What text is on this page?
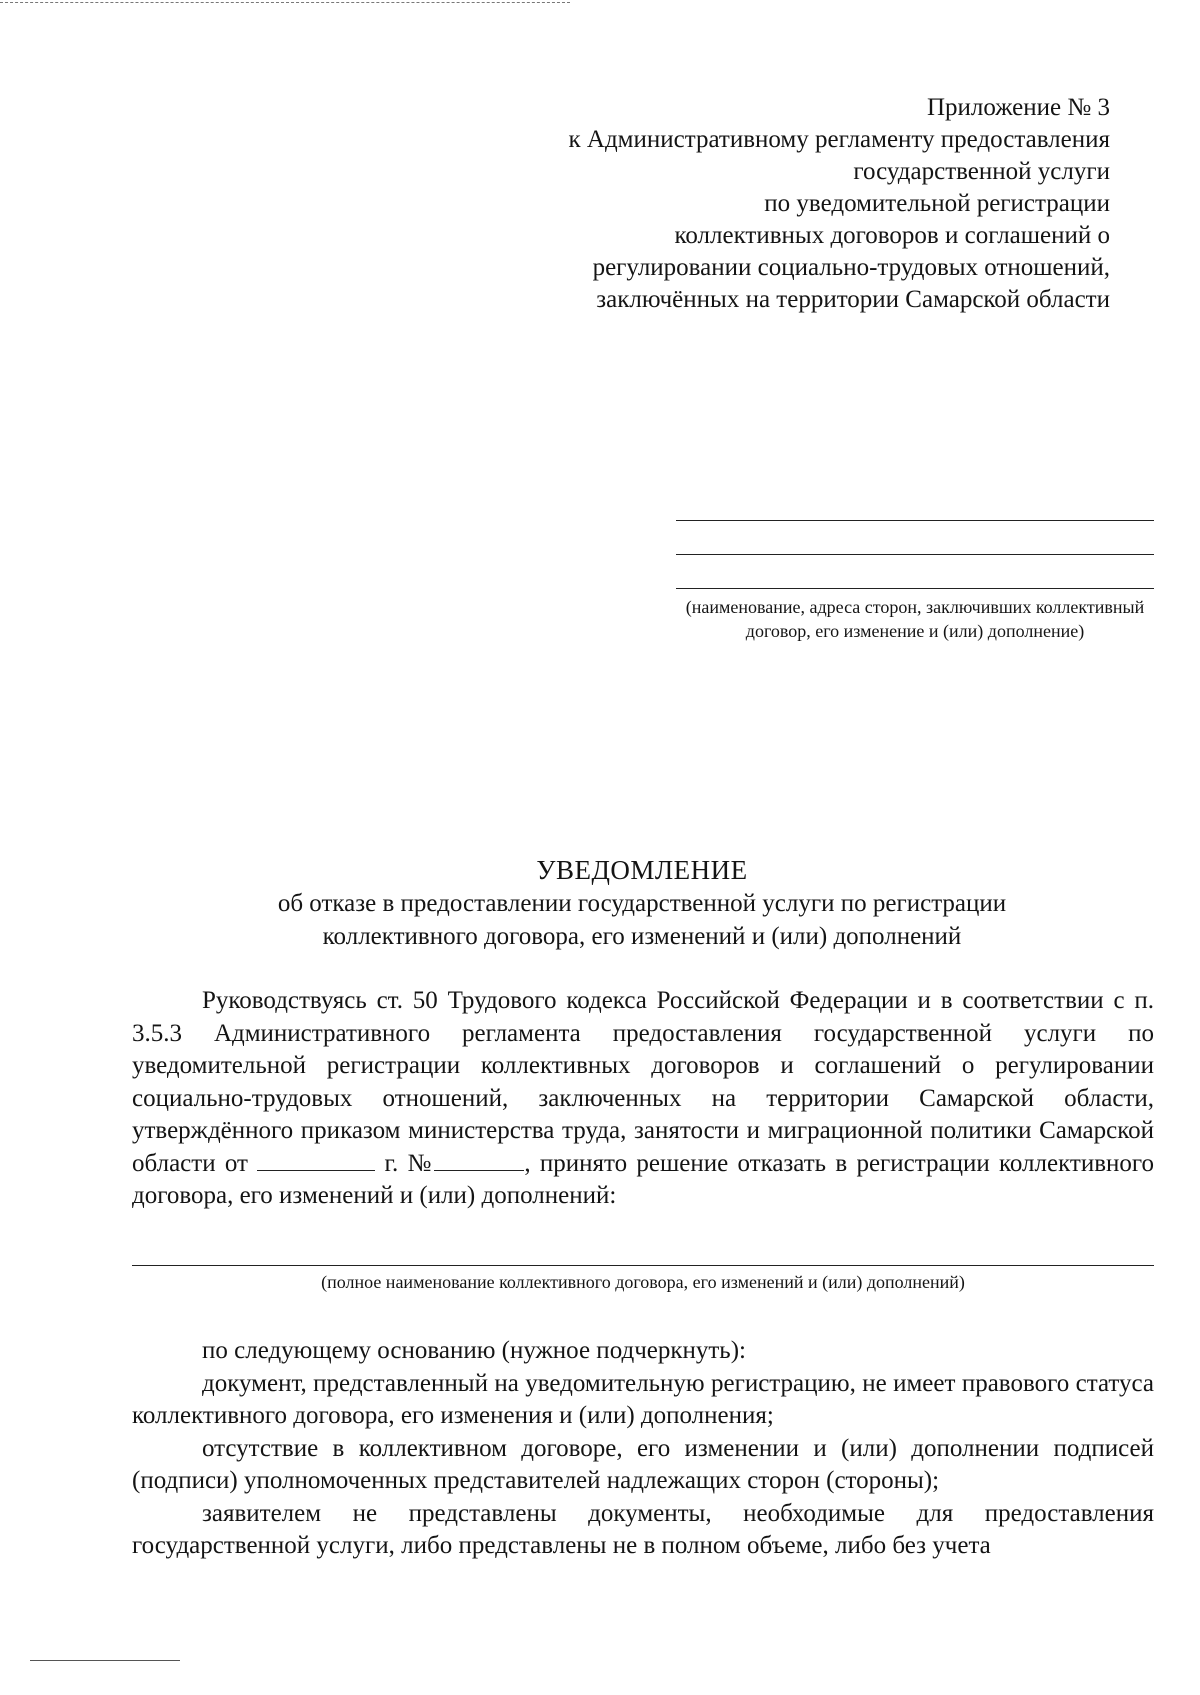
Приложение № 3
к Административному регламенту предоставления
государственной услуги
по уведомительной регистрации
коллективных договоров и соглашений о
регулировании социально-трудовых отношений,
заключённых на территории Самарской области
(наименование, адреса сторон, заключивших коллективный договор, его изменение и (или) дополнение)
УВЕДОМЛЕНИЕ
об отказе в предоставлении государственной услуги по регистрации
коллективного договора, его изменений и (или) дополнений

Руководствуясь ст. 50 Трудового кодекса Российской Федерации и в соответствии с п. 3.5.3 Административного регламента предоставления государственной услуги по уведомительной регистрации коллективных договоров и соглашений о регулировании социально-трудовых отношений, заключенных на территории Самарской области, утверждённого приказом министерства труда, занятости и миграционной политики Самарской области от	г. №	, принято решение отказать в регистрации коллективного договора, его изменений и (или) дополнений:

(полное наименование коллективного договора, его изменений и (или) дополнений)

по следующему основанию (нужное подчеркнуть):

документ, представленный на уведомительную регистрацию, не имеет правового статуса коллективного договора, его изменения и (или) дополнения;

отсутствие в коллективном договоре, его изменении и (или) дополнении подписей (подписи) уполномоченных представителей надлежащих сторон (стороны);

заявителем не представлены документы, необходимые для предоставления государственной услуги, либо представлены не в полном объеме, либо без учета
